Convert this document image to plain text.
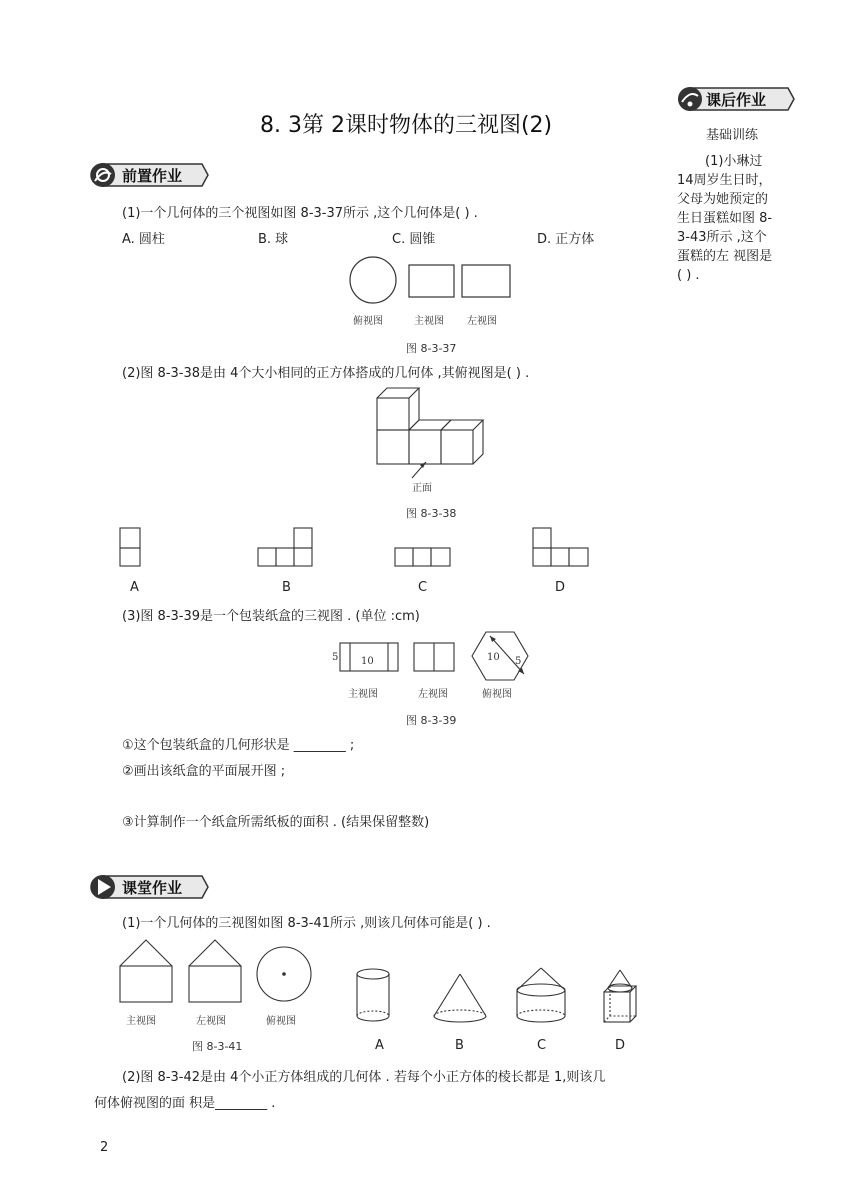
8. 3第 2课时物体的三视图(2)
课后作业
基础训练
(1)小琳过 14周岁生日时，父母为她预定的生日蛋糕如图 8-3-43所示 ,这个蛋糕的左 视图是( ) .
前置作业
(1)一个几何体的三个视图如图 8-3-37所示 ,这个几何体是( ) .
A. 圆柱	B. 球	C. 圆锥	D. 正方体
俯视图	主视图 左视图
图 8-3-37
(2)图 8-3-38是由 4个大小相同的正方体搭成的几何体 ,其俯视图是( ) .
正面
图 8-3-38
A	B	C	D
(3)图 8-3-39是一个包装纸盒的三视图 . (单位 :cm)
5 10	10 5
主视图	左视图	俯视图
图 8-3-39
①这个包装纸盒的几何形状是 ________ ;
②画出该纸盒的平面展开图 ;
③计算制作一个纸盒所需纸板的面积 . (结果保留整数)
课堂作业
(1)一个几何体的三视图如图 8-3-41所示 ,则该几何体可能是( ) .
主视图	左视图	俯视图
图 8-3-41	A	B	C	D
(2)图 8-3-42是由 4个小正方体组成的几何体 . 若每个小正方体的棱长都是 1,则该几
何体俯视图的面 积是________ .
2
